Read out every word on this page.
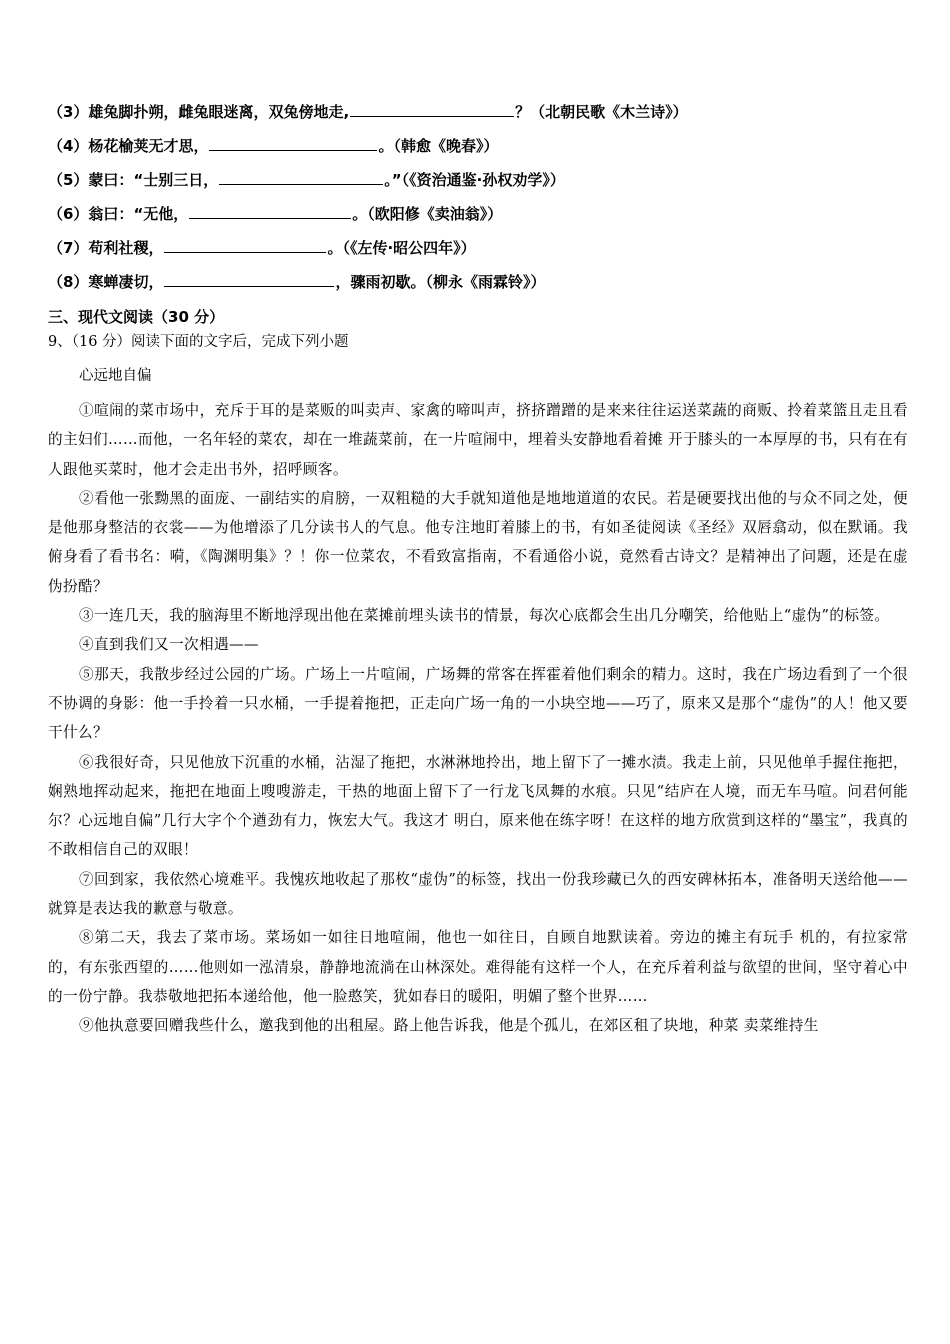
（3）雄兔脚扑朔，雌兔眼迷离，双兔傍地走,	？（北朝民歌《木兰诗》）
（4）杨花榆荚无才思，	。（韩愈《晚春》）
（5）蒙曰：“士别三日，	。”（《资治通鉴·孙权劝学》）
（6）翁曰：“无他，	。（欧阳修《卖油翁》）
（7）苟利社稷，	。（《左传·昭公四年》）
（8）寒蝉凄切，	，骤雨初歇。（柳永《雨霖铃》）
三、现代文阅读（30 分）
9、（16 分）阅读下面的文字后，完成下列小题
心远地自偏

①喧闹的菜市场中，充斥于耳的是菜贩的叫卖声、家禽的啼叫声，挤挤蹭蹭的是来来往往运送菜蔬的商贩、拎着菜篮且走且看的主妇们……而他，一名年轻的菜农，却在一堆蔬菜前，在一片喧闹中，埋着头安静地看着摊 开于膝头的一本厚厚的书，只有在有人跟他买菜时，他才会走出书外，招呼顾客。

②看他一张黝黑的面庞、一副结实的肩膀，一双粗糙的大手就知道他是地地道道的农民。若是硬要找出他的与众不同之处，便是他那身整洁的衣裳——为他增添了几分读书人的气息。他专注地盯着膝上的书，有如圣徒阅读《圣经》双唇翕动，似在默诵。我俯身看了看书名：嗬，《陶渊明集》？！你一位菜农，不看致富指南，不看通俗小说，竟然看古诗文？是精神出了问题，还是在虚伪扮酷？

③一连几天，我的脑海里不断地浮现出他在菜摊前埋头读书的情景，每次心底都会生出几分嘲笑，给他贴上“虚伪”的标签。

④直到我们又一次相遇——

⑤那天，我散步经过公园的广场。广场上一片喧闹，广场舞的常客在挥霍着他们剩余的精力。这时，我在广场边看到了一个很不协调的身影：他一手拎着一只水桶，一手提着拖把，正走向广场一角的一小块空地——巧了，原来又是那个“虚伪”的人！他又要干什么？

⑥我很好奇，只见他放下沉重的水桶，沾湿了拖把，水淋淋地拎出，地上留下了一摊水渍。我走上前，只见他单手握住拖把，娴熟地挥动起来，拖把在地面上嗖嗖游走，干热的地面上留下了一行龙飞凤舞的水痕。只见“结庐在人境，而无车马喧。问君何能尔？心远地自偏”几行大字个个遒劲有力，恢宏大气。我这才 明白，原来他在练字呀！在这样的地方欣赏到这样的“墨宝”，我真的不敢相信自己的双眼！

⑦回到家，我依然心境难平。我愧疚地收起了那枚“虚伪”的标签，找出一份我珍藏已久的西安碑林拓本，准备明天送给他——就算是表达我的歉意与敬意。

⑧第二天，我去了菜市场。菜场如一如往日地喧闹，他也一如往日，自顾自地默读着。旁边的摊主有玩手 机的，有拉家常的，有东张西望的……他则如一泓清泉，静静地流淌在山林深处。难得能有这样一个人，在充斥着利益与欲望的世间，坚守着心中的一份宁静。我恭敬地把拓本递给他，他一脸憨笑，犹如春日的暖阳，明媚了整个世界……

⑨他执意要回赠我些什么，邀我到他的出租屋。路上他告诉我，他是个孤儿，在郊区租了块地，种菜 卖菜维持生
